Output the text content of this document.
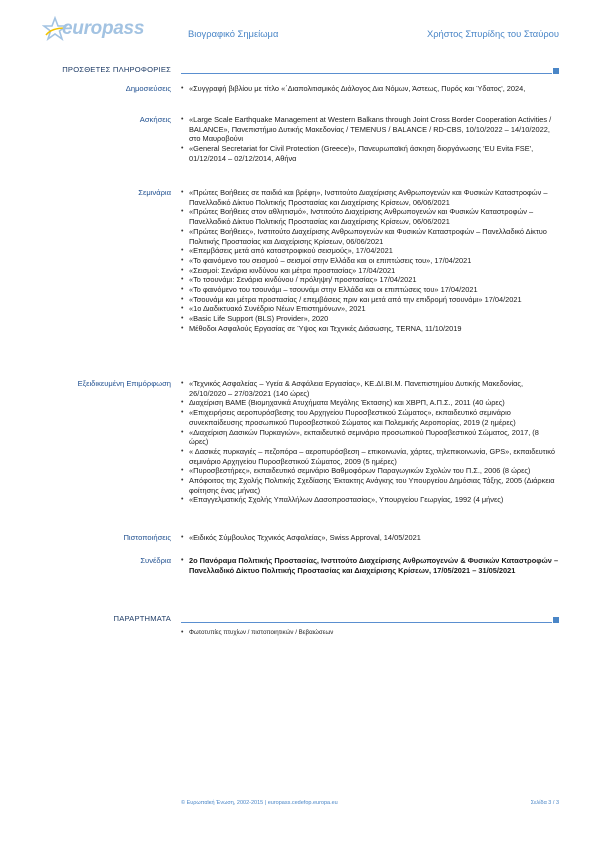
europass	Βιογραφικό Σημείωμα	Χρήστος Σπυρίδης του Σταύρου
ΠΡΟΣΘΕΤΕΣ ΠΛΗΡΟΦΟΡΙΕΣ
Δημοσιεύσεις	• «Συγγραφή βιβλίου με τίτλο «΄Διαπολιτισμικός Διάλογος Δια Νόμων, Άστεως, Πυρός και Ύδατος', 2024,
Ασκήσεις	• «Large Scale Earthquake Management at Western Balkans through Joint Cross Border Cooperation Activities / BALANCE», Πανεπιστήμιο Δυτικής Μακεδονίας / TEMENUS / BALANCE / RD-CBS, 10/10/2022 – 14/10/2022, στο Μαυροβούνι
• «General Secretariat for Civil Protection (Greece)», Πανευρωπαϊκή άσκηση διοργάνωσης 'EU Evita FSE', 01/12/2014 – 02/12/2014, Αθήνα
Σεμινάρια	• «Πρώτες Βοήθειες σε παιδιά και βρέφη», Ινστιτούτο Διαχείρισης Ανθρωπογενών και Φυσικών Καταστροφών – Πανελλαδικό Δίκτυο Πολιτικής Προστασίας και Διαχείρισης Κρίσεων, 06/06/2021
• «Πρώτες Βοήθειες στον αθλητισμό», Ινστιτούτο Διαχείρισης Ανθρωπογενών και Φυσικών Καταστροφών – Πανελλαδικό Δίκτυο Πολιτικής Προστασίας και Διαχείρισης Κρίσεων, 06/06/2021
• «Πρώτες Βοήθειες», Ινστιτούτο Διαχείρισης Ανθρωπογενών και Φυσικών Καταστροφών – Πανελλαδικό Δίκτυο Πολιτικής Προστασίας και Διαχείρισης Κρίσεων, 06/06/2021
• «Επεμβάσεις μετά από καταστροφικού σεισμούς», 17/04/2021
• «Το φαινόμενο του σεισμού – σεισμοί στην Ελλάδα και οι επιπτώσεις του», 17/04/2021
• «Σεισμοί: Σενάρια κινδύνου και μέτρα προστασίας» 17/04/2021
• «Το τσουνάμι: Σενάρια κινδύνου / πρόληψη/ προστασίας» 17/04/2021
• «Το φαινόμενο του τσουνάμι – τσουνάμι στην Ελλάδα και οι επιπτώσεις του» 17/04/2021
• «Τσουνάμι και μέτρα προστασίας / επεμβάσεις πριν και μετά από την επιδρομή τσουνάμι» 17/04/2021
• «1ο Διαδικτυακό Συνέδριο Νέων Επιστημόνων», 2021
• «Basic Life Support (BLS) Provider», 2020
• Μέθοδοι Ασφαλούς Εργασίας σε Ύψος και Τεχνικές Διάσωσης, TERNA, 11/10/2019
Εξειδικευμένη Επιμόρφωση	• «Τεχνικός Ασφαλείας – Υγεία & Ασφάλεια Εργασίας», ΚΕ.ΔΙ.ΒΙ.Μ. Πανεπιστημίου Δυτικής Μακεδονίας, 26/10/2020 – 27/03/2021 (140 ώρες)
• Διαχείριση ΒΑΜΕ (Βιομηχανικά Ατυχήματα Μεγάλης Έκτασης) και ΧΒΡΠ, Α.Π.Σ., 2011 (40 ώρες)
• «Επιχειρήσεις αεροπυρόσβεσης του Αρχηγείου Πυροσβεστικού Σώματος», εκπαιδευτικό σεμινάριο συνεκπαίδευσης προσωπικού Πυροσβεστικού Σώματος και Πολεμικής Αεροπορίας, 2019 (2 ημέρες)
• «Διαχείριση Δασικών Πυρκαγιών», εκπαιδευτικό σεμινάριο προσωπικού Πυροσβεστικού Σώματος, 2017, (8 ώρες)
• « Δασικές πυρκαγιές – πεζοπόρα – αεροπυρόσβεση – επικοινωνία, χάρτες, τηλεπικοινωνία, GPS», εκπαιδευτικό σεμινάριο Αρχηγείου Πυροσβεστικού Σώματος, 2009 (5 ημέρες)
• «Πυροσβεστήρες», εκπαιδευτικό σεμινάριο Βαθμοφόρων Παραγωγικών Σχολών του Π.Σ., 2006 (8 ώρες)
• Απόφοιτος της Σχολής Πολιτικής Σχεδίασης Έκτακτης Ανάγκης του Υπουργείου Δημόσιας Τάξης, 2005 (Διάρκεια φοίτησης ένας μήνας)
• «Επαγγελματικής Σχολής Υπαλλήλων Δασοπροστασίας», Υπουργείου Γεωργίας, 1992 (4 μήνες)
Πιστοποιήσεις	• «Ειδικός Σύμβουλος Τεχνικός Ασφαλείας», Swiss Approval, 14/05/2021
Συνέδρια	• 2ο Πανόραμα Πολιτικής Προστασίας, Ινστιτούτο Διαχείρισης Ανθρωπογενών & Φυσικών Καταστροφών – Πανελλαδικό Δίκτυο Πολιτικής Προστασίας και Διαχείρισης Κρίσεων, 17/05/2021 – 31/05/2021
ΠΑΡΑΡΤΗΜΑΤΑ
• Φωτοτυπίες πτυχίων / πιστοποιητικών / Βεβαιώσεων
© Ευρωπαϊκή Ένωση, 2002-2015 | europass.cedefop.europa.eu	Σελίδα 3 / 3
